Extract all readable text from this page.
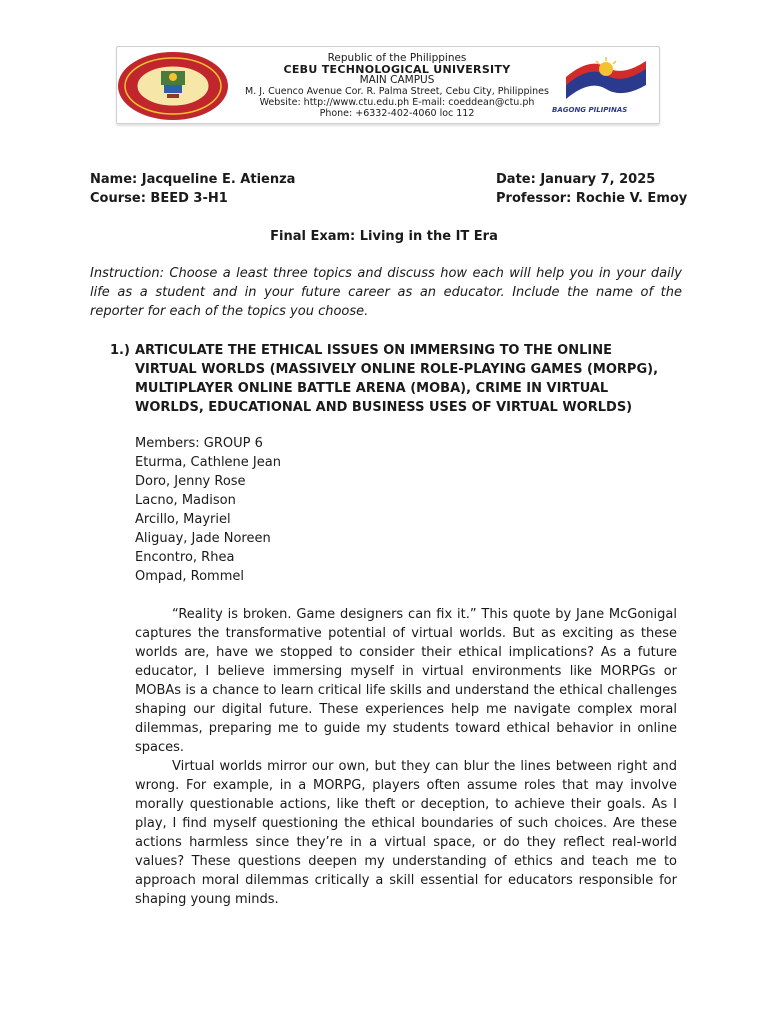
BAGONG PILIPINAS
Republic of the Philippines
CEBU TECHNOLOGICAL UNIVERSITY
MAIN CAMPUS
M. J. Cuenco Avenue Cor. R. Palma Street, Cebu City, Philippines
Website: http://www.ctu.edu.ph E-mail: coeddean@ctu.ph
Phone: +6332-402-4060 loc 112
Name: Jacqueline E. Atienza
Course: BEED 3-H1
Date: January 7, 2025
Professor: Rochie V. Emoy
Final Exam: Living in the IT Era
Instruction: Choose a least three topics and discuss how each will help you in your daily life as a student and in your future career as an educator. Include the name of the reporter for each of the topics you choose.
1.) ARTICULATE THE ETHICAL ISSUES ON IMMERSING TO THE ONLINE VIRTUAL WORLDS (MASSIVELY ONLINE ROLE-PLAYING GAMES (MORPG), MULTIPLAYER ONLINE BATTLE ARENA (MOBA), CRIME IN VIRTUAL WORLDS, EDUCATIONAL AND BUSINESS USES OF VIRTUAL WORLDS)
Members: GROUP 6
Eturma, Cathlene Jean
Doro, Jenny Rose
Lacno, Madison
Arcillo, Mayriel
Aliguay, Jade Noreen
Encontro, Rhea
Ompad, Rommel
“Reality is broken. Game designers can fix it.” This quote by Jane McGonigal captures the transformative potential of virtual worlds. But as exciting as these worlds are, have we stopped to consider their ethical implications? As a future educator, I believe immersing myself in virtual environments like MORPGs or MOBAs is a chance to learn critical life skills and understand the ethical challenges shaping our digital future. These experiences help me navigate complex moral dilemmas, preparing me to guide my students toward ethical behavior in online spaces.
Virtual worlds mirror our own, but they can blur the lines between right and wrong. For example, in a MORPG, players often assume roles that may involve morally questionable actions, like theft or deception, to achieve their goals. As I play, I find myself questioning the ethical boundaries of such choices. Are these actions harmless since they’re in a virtual space, or do they reflect real-world values? These questions deepen my understanding of ethics and teach me to approach moral dilemmas critically a skill essential for educators responsible for shaping young minds.
